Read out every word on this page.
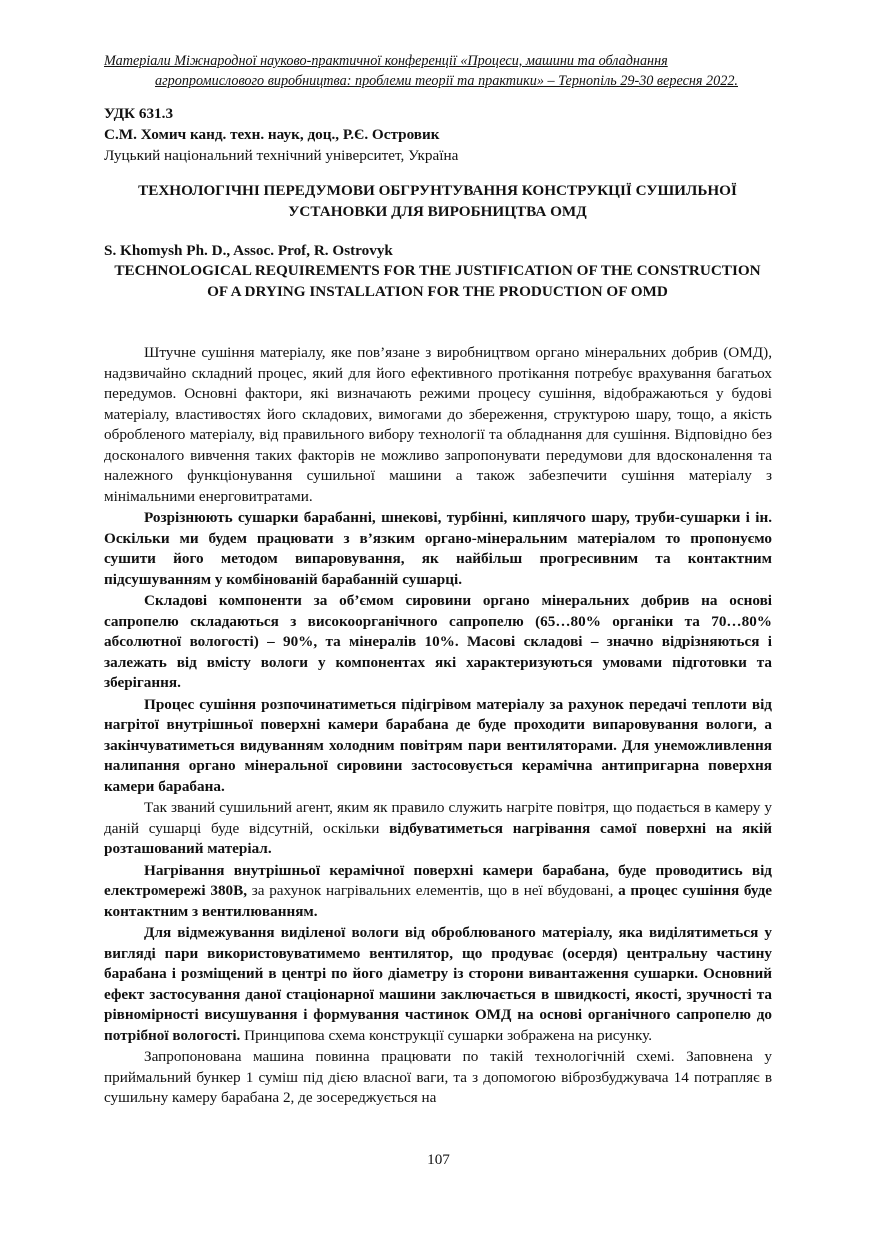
Матеріали Міжнародної науково-практичної конференції «Процеси, машини та обладнання
агропромислового виробництва: проблеми теорії та практики» – Тернопіль 29-30 вересня 2022.
УДК 631.3
С.М. Хомич канд. техн. наук, доц., Р.Є. Островик
Луцький національний технічний університет, Україна
ТЕХНОЛОГІЧНІ ПЕРЕДУМОВИ ОБГРУНТУВАННЯ КОНСТРУКЦІЇ СУШИЛЬНОЇ УСТАНОВКИ ДЛЯ ВИРОБНИЦТВА ОМД
S. Khomysh Ph. D., Assoc. Prof, R. Ostrovyk
TECHNOLOGICAL REQUIREMENTS FOR THE JUSTIFICATION OF THE CONSTRUCTION OF A DRYING INSTALLATION FOR THE PRODUCTION OF OMD

Штучне сушіння матеріалу, яке пов’язане з виробництвом органо мінеральних добрив (ОМД), надзвичайно складний процес, який для його ефективного протікання потребує врахування багатьох передумов. Основні фактори, які визначають режими процесу сушіння, відображаються у будові матеріалу, властивостях його складових, вимогами до збереження, структурою шару, тощо, а якість обробленого матеріалу, від правильного вибору технології та обладнання для сушіння. Відповідно без досконалого вивчення таких факторів не можливо запропонувати передумови для вдосконалення та належного функціонування сушильної машини а також забезпечити сушіння матеріалу з мінімальними енерговитратами.

Розрізнюють сушарки барабанні, шнекові, турбінні, киплячого шару, труби-сушарки і ін. Оскільки ми будем працювати з в’язким органо-мінеральним матеріалом то пропонуємо сушити його методом випаровування, як найбільш прогресивним та контактним підсушуванням у комбінованій барабанній сушарці.

Складові компоненти за об’ємом сировини органо мінеральних добрив на основі сапропелю складаються з високоорганічного сапропелю (65…80% органіки та 70…80% абсолютної вологості) – 90%, та мінералів 10%. Масові складові – значно відрізняються і залежать від вмісту вологи у компонентах які характеризуються умовами підготовки та зберігання.

Процес сушіння розпочинатиметься підігрівом матеріалу за рахунок передачі теплоти від нагрітої внутрішньої поверхні камери барабана де буде проходити випаровування вологи, а закінчуватиметься видуванням холодним повітрям пари вентиляторами. Для унеможливлення налипання органо мінеральної сировини застосовується керамічна антипригарна поверхня камери барабана.

Так званий сушильний агент, яким як правило служить нагріте повітря, що подається в камеру у даній сушарці буде відсутній, оскільки відбуватиметься нагрівання самої поверхні на якій розташований матеріал.

Нагрівання внутрішньої керамічної поверхні камери барабана, буде проводитись від електромережі 380В, за рахунок нагрівальних елементів, що в неї вбудовані, а процес сушіння буде контактним з вентилюванням.

Для відмежування виділеної вологи від оброблюваного матеріалу, яка виділятиметься у вигляді пари використовуватимемо вентилятор, що продуває (осердя) центральну частину барабана і розміщений в центрі по його діаметру із сторони вивантаження сушарки. Основний ефект застосування даної стаціонарної машини заключається в швидкості, якості, зручності та рівномірності висушування і формування частинок ОМД на основі органічного сапропелю до потрібної вологості. Принципова схема конструкції сушарки зображена на рисунку.

Запропонована машина повинна працювати по такій технологічній схемі. Заповнена у приймальний бункер 1 суміш під дією власної ваги, та з допомогою віброзбуджувача 14 потрапляє в сушильну камеру барабана 2, де зосереджується на

107
